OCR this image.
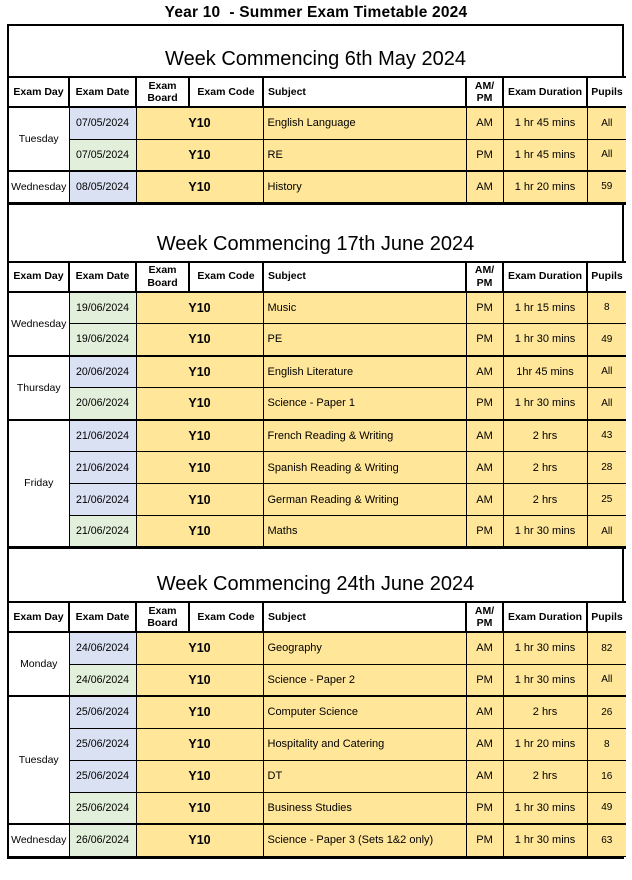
Year 10  - Summer Exam Timetable 2024
Week Commencing 6th May 2024
Exam Day	Exam Date	Exam Board	Exam Code	Subject	AM/ PM	Exam Duration	Pupils
Tuesday	07/05/2024	Y10		English Language	AM	1 hr 45 mins	All
	07/05/2024	Y10		RE	PM	1 hr 45 mins	All
Wednesday	08/05/2024	Y10		History	AM	1 hr 20 mins	59
Week Commencing 17th June 2024
Exam Day	Exam Date	Exam Board	Exam Code	Subject	AM/ PM	Exam Duration	Pupils
Wednesday	19/06/2024	Y10		Music	PM	1 hr 15 mins	8
	19/06/2024	Y10		PE	PM	1 hr 30 mins	49
Thursday	20/06/2024	Y10		English Literature	AM	1hr 45 mins	All
	20/06/2024	Y10		Science - Paper 1	PM	1 hr 30 mins	All
Friday	21/06/2024	Y10		French Reading & Writing	AM	2 hrs	43
	21/06/2024	Y10		Spanish Reading & Writing	AM	2 hrs	28
	21/06/2024	Y10		German Reading & Writing	AM	2 hrs	25
	21/06/2024	Y10		Maths	PM	1 hr 30 mins	All
Week Commencing 24th June 2024
Exam Day	Exam Date	Exam Board	Exam Code	Subject	AM/ PM	Exam Duration	Pupils
Monday	24/06/2024	Y10		Geography	AM	1 hr 30 mins	82
	24/06/2024	Y10		Science - Paper 2	PM	1 hr 30 mins	All
Tuesday	25/06/2024	Y10		Computer Science	AM	2 hrs	26
	25/06/2024	Y10		Hospitality and Catering	AM	1 hr 20 mins	8
	25/06/2024	Y10		DT	AM	2 hrs	16
	25/06/2024	Y10		Business Studies	PM	1 hr 30 mins	49
Wednesday	26/06/2024	Y10		Science - Paper 3 (Sets 1&2 only)	PM	1 hr 30 mins	63
